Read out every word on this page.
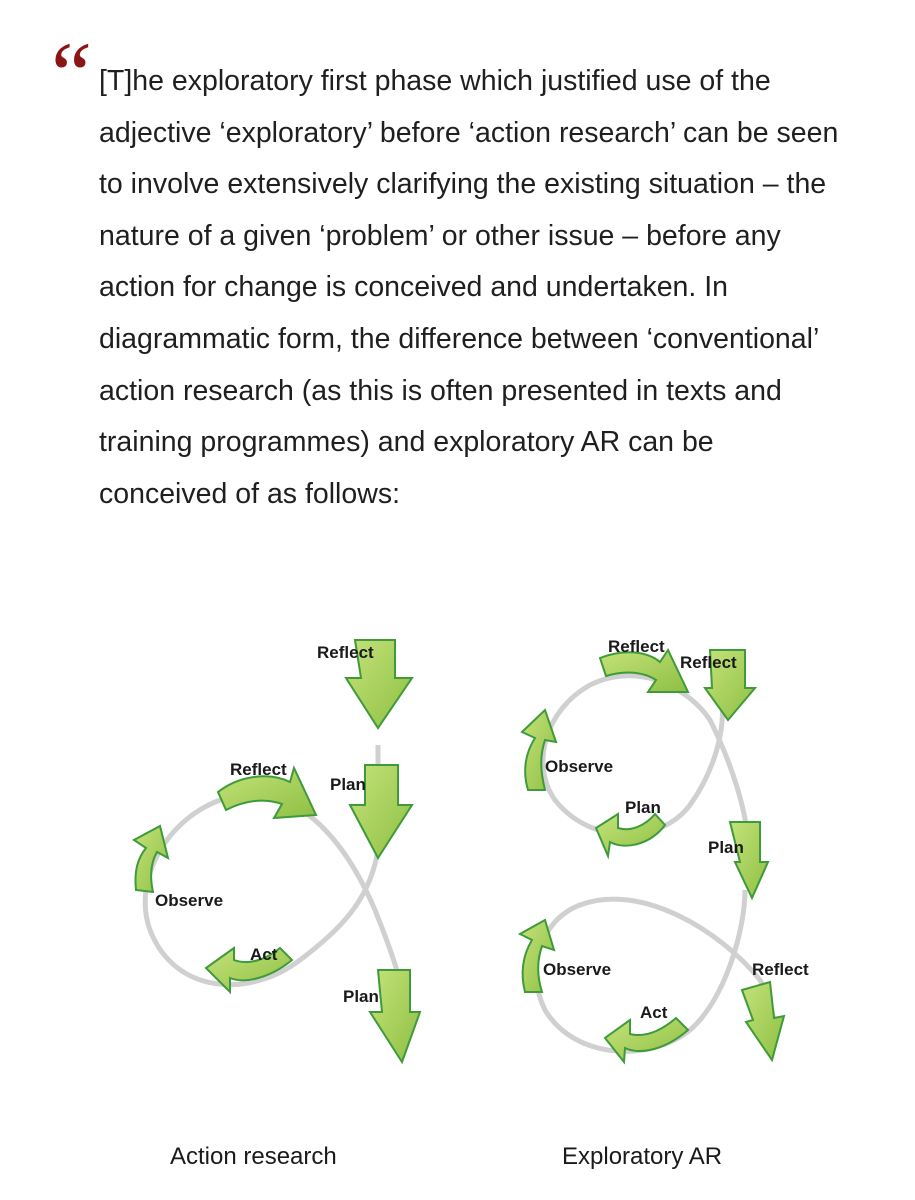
“ [T]he exploratory first phase which justified use of the adjective ‘exploratory’ before ‘action research’ can be seen to involve extensively clarifying the existing situation – the nature of a given ‘problem’ or other issue – before any action for change is conceived and undertaken. In diagrammatic form, the difference between ‘conventional’ action research (as this is often presented in texts and training programmes) and exploratory AR can be conceived of as follows:

Reflect
Plan
Reflect
Observe
Act
Plan
Reflect
Reflect
Observe
Plan
Plan
Observe
Act
Reflect
Action research	Exploratory AR
